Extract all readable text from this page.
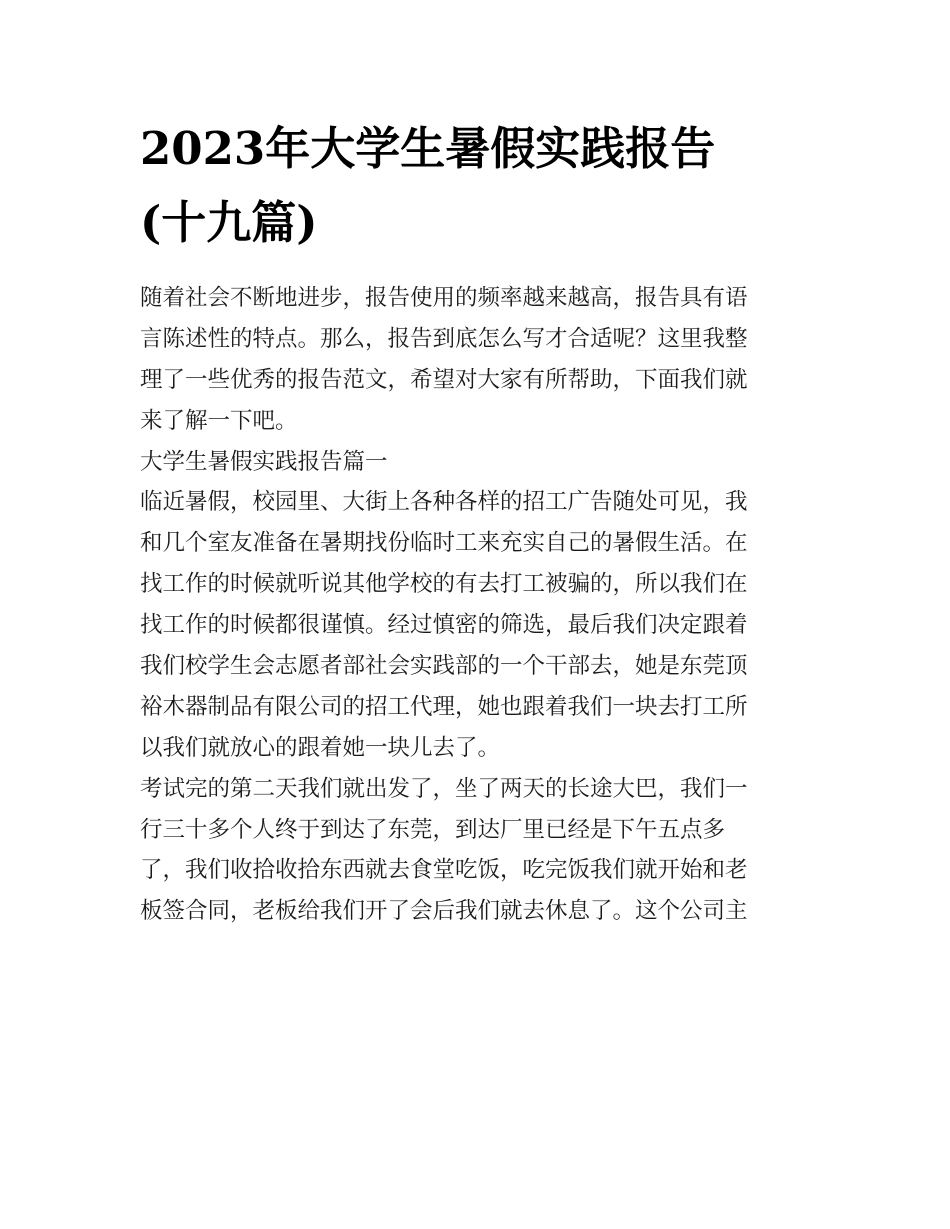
2023年大学生暑假实践报告
(十九篇)
随着社会不断地进步，报告使用的频率越来越高，报告具有语
言陈述性的特点。那么，报告到底怎么写才合适呢？这里我整
理了一些优秀的报告范文，希望对大家有所帮助，下面我们就
来了解一下吧。
大学生暑假实践报告篇一
临近暑假，校园里、大街上各种各样的招工广告随处可见，我
和几个室友准备在暑期找份临时工来充实自己的暑假生活。在
找工作的时候就听说其他学校的有去打工被骗的，所以我们在
找工作的时候都很谨慎。经过慎密的筛选，最后我们决定跟着
我们校学生会志愿者部社会实践部的一个干部去，她是东莞顶
裕木器制品有限公司的招工代理，她也跟着我们一块去打工所
以我们就放心的跟着她一块儿去了。
考试完的第二天我们就出发了，坐了两天的长途大巴，我们一
行三十多个人终于到达了东莞，到达厂里已经是下午五点多
了，我们收拾收拾东西就去食堂吃饭，吃完饭我们就开始和老
板签合同，老板给我们开了会后我们就去休息了。这个公司主
